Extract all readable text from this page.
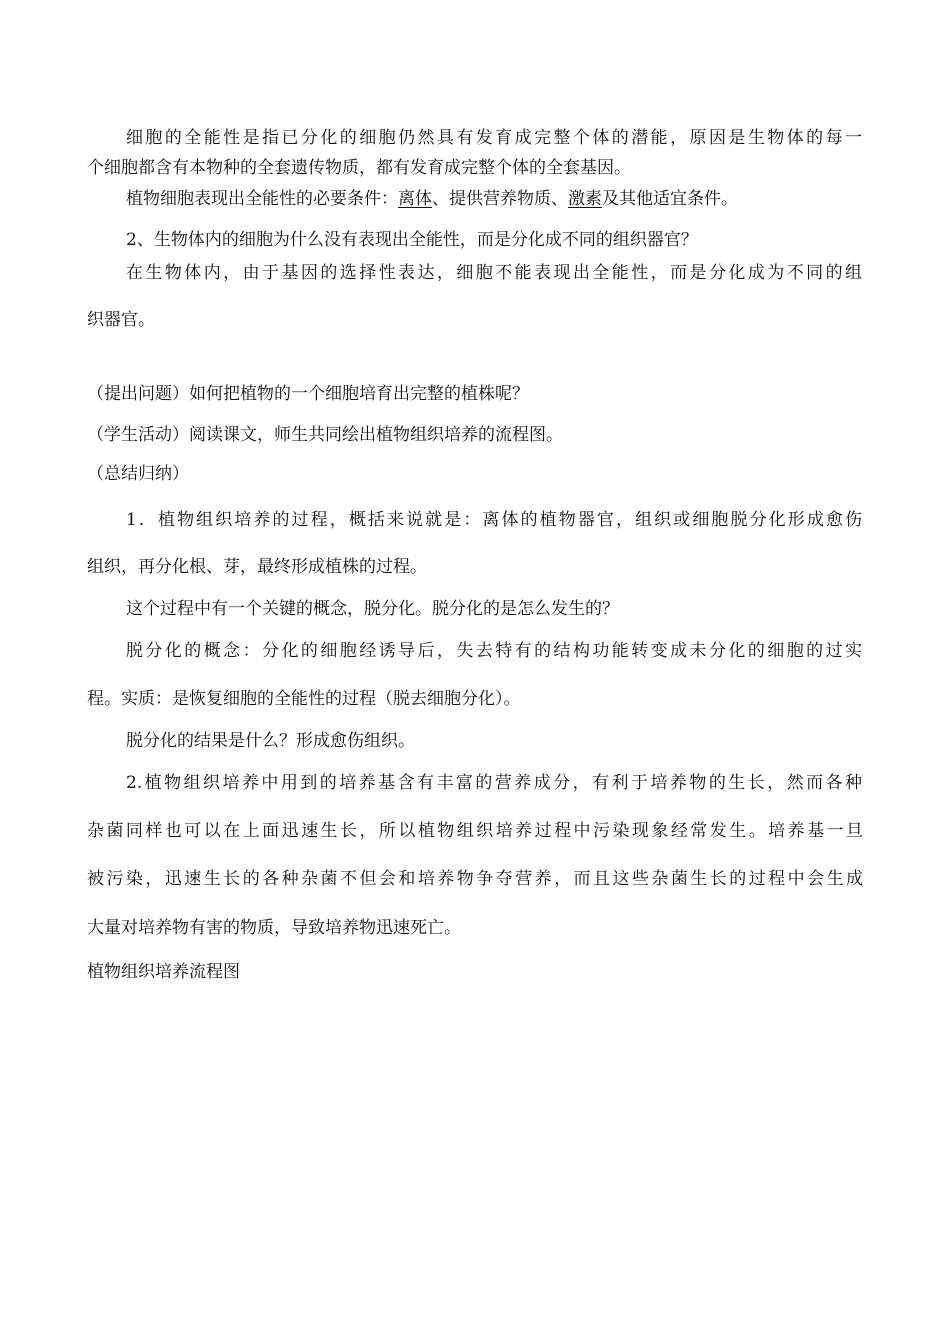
细胞的全能性是指已分化的细胞仍然具有发育成完整个体的潜能，原因是生物体的每一
个细胞都含有本物种的全套遗传物质，都有发育成完整个体的全套基因。
植物细胞表现出全能性的必要条件：离体、提供营养物质、激素及其他适宜条件。
2、生物体内的细胞为什么没有表现出全能性，而是分化成不同的组织器官？
在生物体内，由于基因的选择性表达，细胞不能表现出全能性，而是分化成为不同的组
织器官。
（提出问题）如何把植物的一个细胞培育出完整的植株呢？
（学生活动）阅读课文，师生共同绘出植物组织培养的流程图。
（总结归纳）
1．植物组织培养的过程，概括来说就是：离体的植物器官，组织或细胞脱分化形成愈伤
组织，再分化根、芽，最终形成植株的过程。
这个过程中有一个关键的概念，脱分化。脱分化的是怎么发生的？
脱分化的概念：分化的细胞经诱导后，失去特有的结构功能转变成未分化的细胞的过实
程。实质：是恢复细胞的全能性的过程（脱去细胞分化）。
脱分化的结果是什么？形成愈伤组织。
2.植物组织培养中用到的培养基含有丰富的营养成分，有利于培养物的生长，然而各种
杂菌同样也可以在上面迅速生长，所以植物组织培养过程中污染现象经常发生。培养基一旦
被污染，迅速生长的各种杂菌不但会和培养物争夺营养，而且这些杂菌生长的过程中会生成
大量对培养物有害的物质，导致培养物迅速死亡。
植物组织培养流程图
